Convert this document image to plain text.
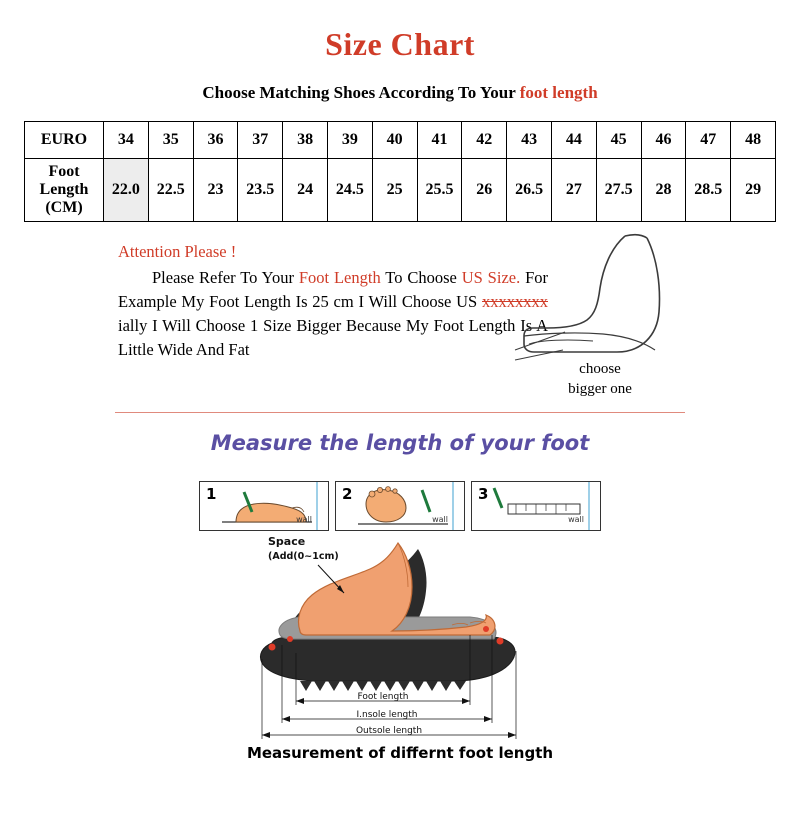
Size Chart
Choose Matching Shoes According To Your foot length
EURO	34	35	36	37	38	39	40	41	42	43	44	45	46	47	48

Foot
Length
(CM)	22.0	22.5	23	23.5	24	24.5	25	25.5	26	26.5	27	27.5	28	28.5	29
Attention Please !
Please Refer To Your Foot Length To Choose US Size. For Example My Foot Length Is 25 cm I Will Choose US xxxxxxxx ially I Will Choose 1 Size Bigger Because My Foot Length Is A Little Wide And Fat
choose
bigger one
Measure the length of your foot
1
wall
2
wall
3
wall
Space
(Add(0~1cm)
Foot length
I.nsole length
Outsole length
Measurement of differnt foot length
